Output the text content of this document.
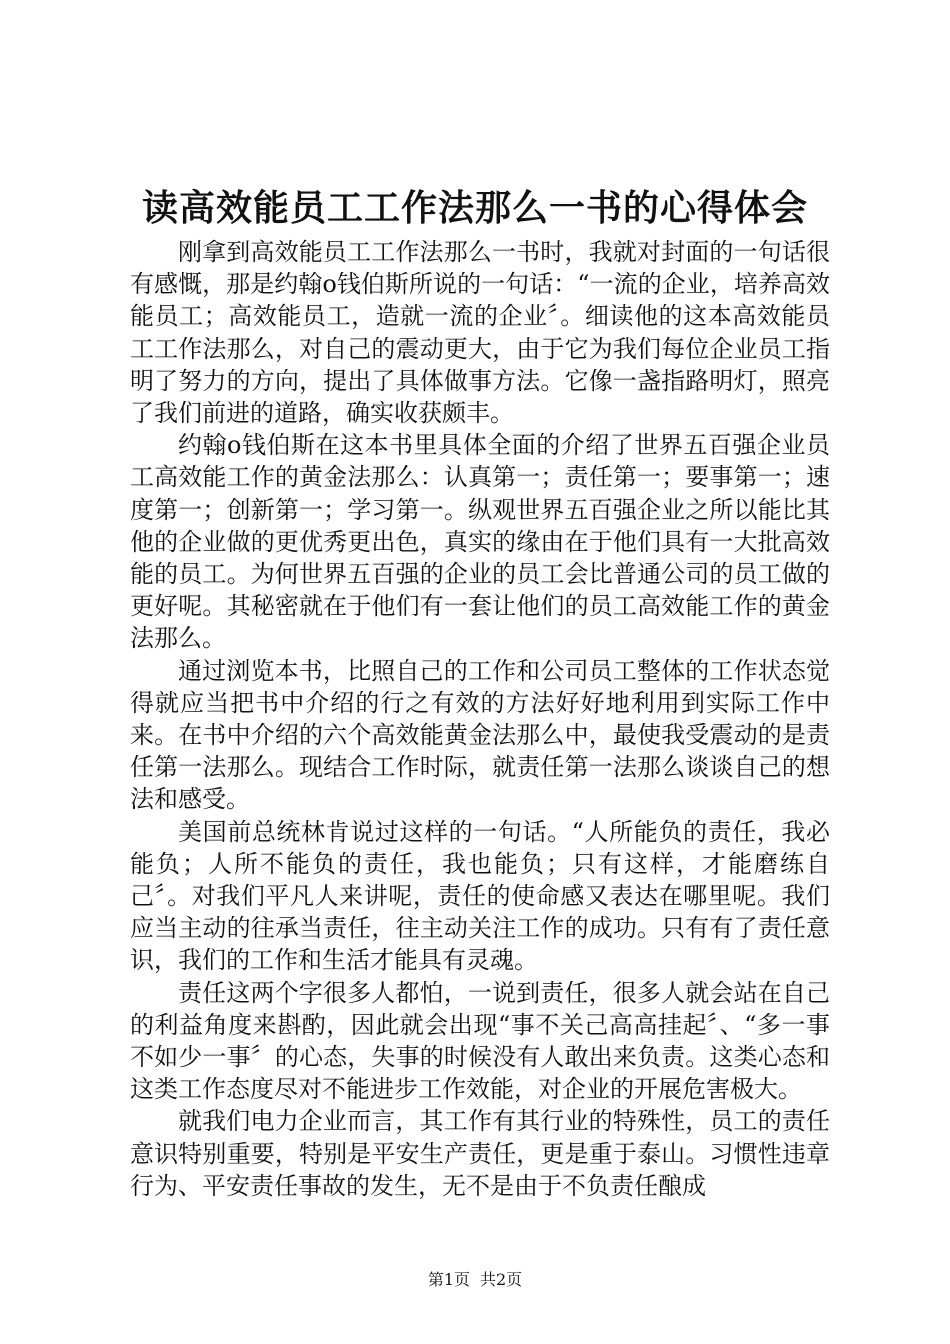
读高效能员工工作法那么一书的心得体会

刚拿到高效能员工工作法那么一书时，我就对封面的一句话很有感慨，那是约翰o钱伯斯所说的一句话：“一流的企业，培养高效能员工；高效能员工，造就一流的企业〞。细读他的这本高效能员工工作法那么，对自己的震动更大，由于它为我们每位企业员工指明了努力的方向，提出了具体做事方法。它像一盏指路明灯，照亮了我们前进的道路，确实收获颇丰。

约翰o钱伯斯在这本书里具体全面的介绍了世界五百强企业员工高效能工作的黄金法那么：认真第一；责任第一；要事第一；速度第一；创新第一；学习第一。纵观世界五百强企业之所以能比其他的企业做的更优秀更出色，真实的缘由在于他们具有一大批高效能的员工。为何世界五百强的企业的员工会比普通公司的员工做的更好呢。其秘密就在于他们有一套让他们的员工高效能工作的黄金法那么。

通过浏览本书，比照自己的工作和公司员工整体的工作状态觉得就应当把书中介绍的行之有效的方法好好地利用到实际工作中来。在书中介绍的六个高效能黄金法那么中，最使我受震动的是责任第一法那么。现结合工作时际，就责任第一法那么谈谈自己的想法和感受。

美国前总统林肯说过这样的一句话。“人所能负的责任，我必能负；人所不能负的责任，我也能负；只有这样，才能磨练自己〞。对我们平凡人来讲呢，责任的使命感又表达在哪里呢。我们应当主动的往承当责任，往主动关注工作的成功。只有有了责任意识，我们的工作和生活才能具有灵魂。

责任这两个字很多人都怕，一说到责任，很多人就会站在自己的利益角度来斟酌，因此就会出现“事不关己高高挂起〞、“多一事不如少一事〞的心态，失事的时候没有人敢出来负责。这类心态和这类工作态度尽对不能进步工作效能，对企业的开展危害极大。

就我们电力企业而言，其工作有其行业的特殊性，员工的责任意识特别重要，特别是平安生产责任，更是重于泰山。习惯性违章行为、平安责任事故的发生，无不是由于不负责任酿成

第1页 共2页
